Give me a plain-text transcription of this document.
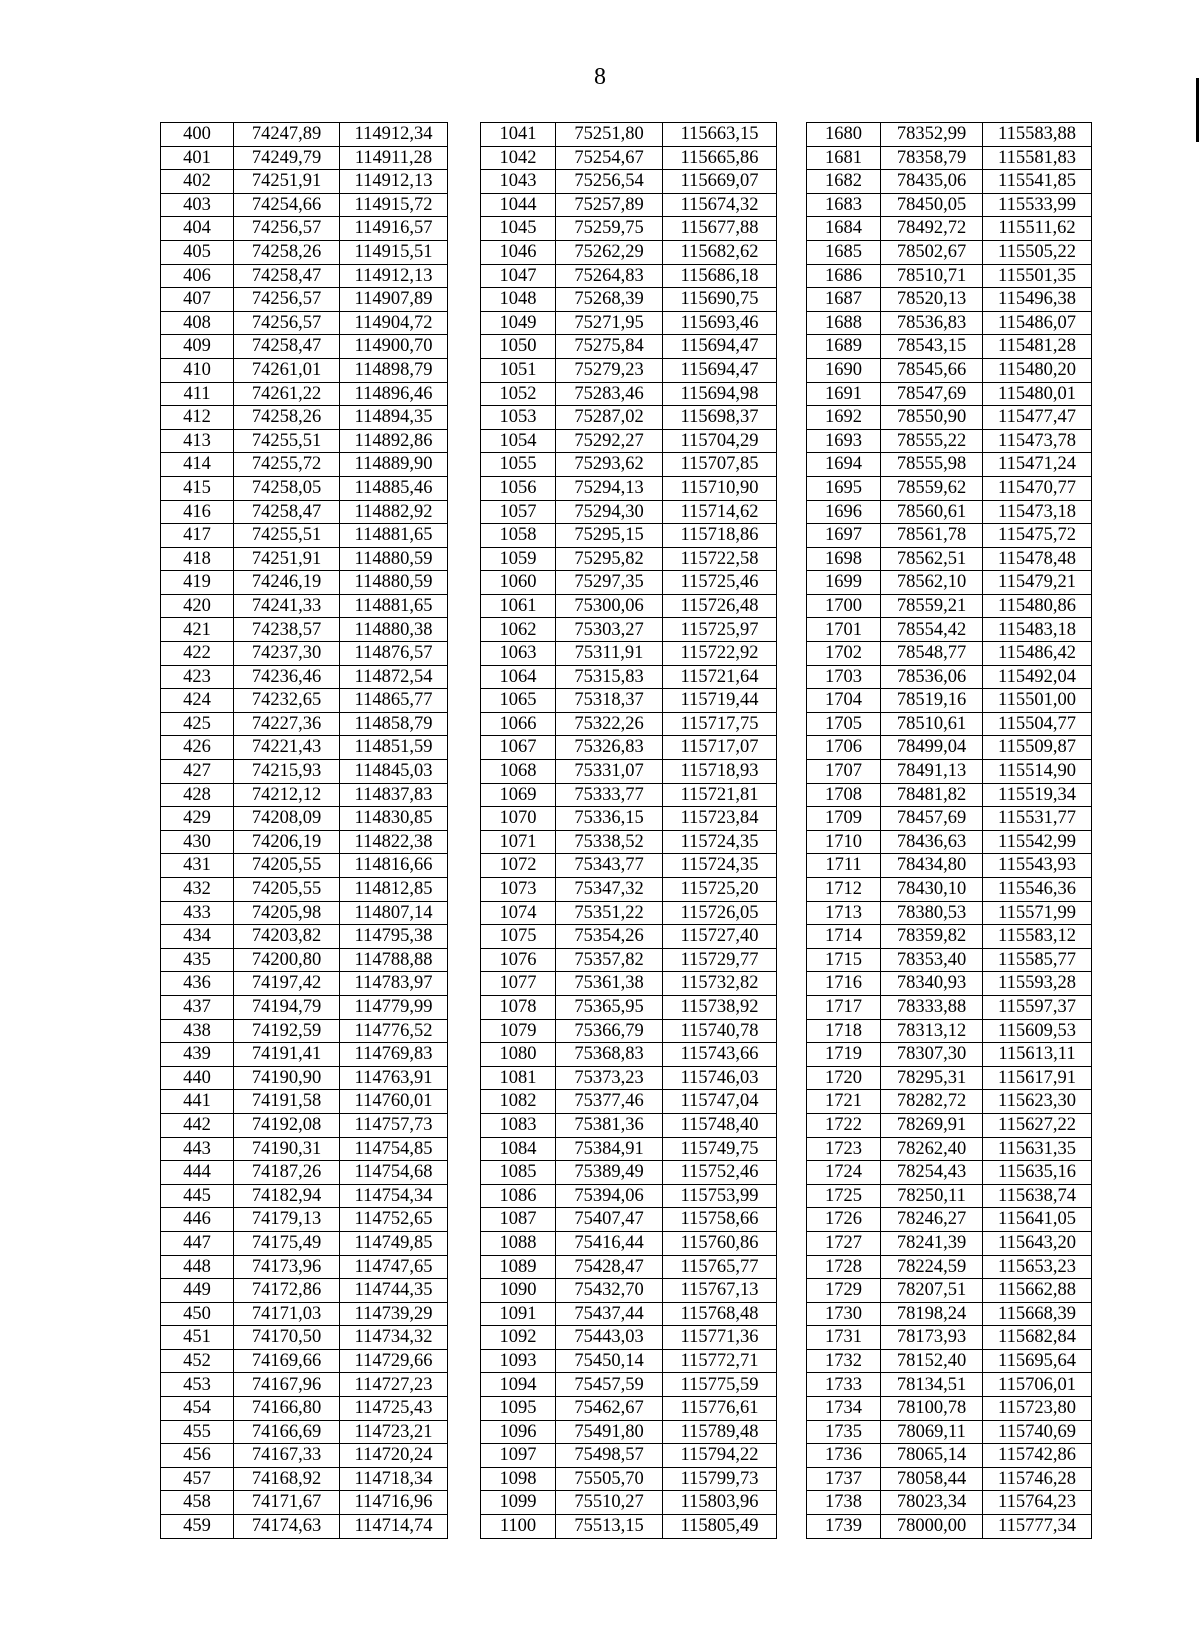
8
400	74247,89	114912,34		1041	75251,80	115663,15		1680	78352,99	115583,88
401	74249,79	114911,28		1042	75254,67	115665,86		1681	78358,79	115581,83
402	74251,91	114912,13		1043	75256,54	115669,07		1682	78435,06	115541,85
403	74254,66	114915,72		1044	75257,89	115674,32		1683	78450,05	115533,99
404	74256,57	114916,57		1045	75259,75	115677,88		1684	78492,72	115511,62
405	74258,26	114915,51		1046	75262,29	115682,62		1685	78502,67	115505,22
406	74258,47	114912,13		1047	75264,83	115686,18		1686	78510,71	115501,35
407	74256,57	114907,89		1048	75268,39	115690,75		1687	78520,13	115496,38
408	74256,57	114904,72		1049	75271,95	115693,46		1688	78536,83	115486,07
409	74258,47	114900,70		1050	75275,84	115694,47		1689	78543,15	115481,28
410	74261,01	114898,79		1051	75279,23	115694,47		1690	78545,66	115480,20
411	74261,22	114896,46		1052	75283,46	115694,98		1691	78547,69	115480,01
412	74258,26	114894,35		1053	75287,02	115698,37		1692	78550,90	115477,47
413	74255,51	114892,86		1054	75292,27	115704,29		1693	78555,22	115473,78
414	74255,72	114889,90		1055	75293,62	115707,85		1694	78555,98	115471,24
415	74258,05	114885,46		1056	75294,13	115710,90		1695	78559,62	115470,77
416	74258,47	114882,92		1057	75294,30	115714,62		1696	78560,61	115473,18
417	74255,51	114881,65		1058	75295,15	115718,86		1697	78561,78	115475,72
418	74251,91	114880,59		1059	75295,82	115722,58		1698	78562,51	115478,48
419	74246,19	114880,59		1060	75297,35	115725,46		1699	78562,10	115479,21
420	74241,33	114881,65		1061	75300,06	115726,48		1700	78559,21	115480,86
421	74238,57	114880,38		1062	75303,27	115725,97		1701	78554,42	115483,18
422	74237,30	114876,57		1063	75311,91	115722,92		1702	78548,77	115486,42
423	74236,46	114872,54		1064	75315,83	115721,64		1703	78536,06	115492,04
424	74232,65	114865,77		1065	75318,37	115719,44		1704	78519,16	115501,00
425	74227,36	114858,79		1066	75322,26	115717,75		1705	78510,61	115504,77
426	74221,43	114851,59		1067	75326,83	115717,07		1706	78499,04	115509,87
427	74215,93	114845,03		1068	75331,07	115718,93		1707	78491,13	115514,90
428	74212,12	114837,83		1069	75333,77	115721,81		1708	78481,82	115519,34
429	74208,09	114830,85		1070	75336,15	115723,84		1709	78457,69	115531,77
430	74206,19	114822,38		1071	75338,52	115724,35		1710	78436,63	115542,99
431	74205,55	114816,66		1072	75343,77	115724,35		1711	78434,80	115543,93
432	74205,55	114812,85		1073	75347,32	115725,20		1712	78430,10	115546,36
433	74205,98	114807,14		1074	75351,22	115726,05		1713	78380,53	115571,99
434	74203,82	114795,38		1075	75354,26	115727,40		1714	78359,82	115583,12
435	74200,80	114788,88		1076	75357,82	115729,77		1715	78353,40	115585,77
436	74197,42	114783,97		1077	75361,38	115732,82		1716	78340,93	115593,28
437	74194,79	114779,99		1078	75365,95	115738,92		1717	78333,88	115597,37
438	74192,59	114776,52		1079	75366,79	115740,78		1718	78313,12	115609,53
439	74191,41	114769,83		1080	75368,83	115743,66		1719	78307,30	115613,11
440	74190,90	114763,91		1081	75373,23	115746,03		1720	78295,31	115617,91
441	74191,58	114760,01		1082	75377,46	115747,04		1721	78282,72	115623,30
442	74192,08	114757,73		1083	75381,36	115748,40		1722	78269,91	115627,22
443	74190,31	114754,85		1084	75384,91	115749,75		1723	78262,40	115631,35
444	74187,26	114754,68		1085	75389,49	115752,46		1724	78254,43	115635,16
445	74182,94	114754,34		1086	75394,06	115753,99		1725	78250,11	115638,74
446	74179,13	114752,65		1087	75407,47	115758,66		1726	78246,27	115641,05
447	74175,49	114749,85		1088	75416,44	115760,86		1727	78241,39	115643,20
448	74173,96	114747,65		1089	75428,47	115765,77		1728	78224,59	115653,23
449	74172,86	114744,35		1090	75432,70	115767,13		1729	78207,51	115662,88
450	74171,03	114739,29		1091	75437,44	115768,48		1730	78198,24	115668,39
451	74170,50	114734,32		1092	75443,03	115771,36		1731	78173,93	115682,84
452	74169,66	114729,66		1093	75450,14	115772,71		1732	78152,40	115695,64
453	74167,96	114727,23		1094	75457,59	115775,59		1733	78134,51	115706,01
454	74166,80	114725,43		1095	75462,67	115776,61		1734	78100,78	115723,80
455	74166,69	114723,21		1096	75491,80	115789,48		1735	78069,11	115740,69
456	74167,33	114720,24		1097	75498,57	115794,22		1736	78065,14	115742,86
457	74168,92	114718,34		1098	75505,70	115799,73		1737	78058,44	115746,28
458	74171,67	114716,96		1099	75510,27	115803,96		1738	78023,34	115764,23
459	74174,63	114714,74		1100	75513,15	115805,49		1739	78000,00	115777,34
